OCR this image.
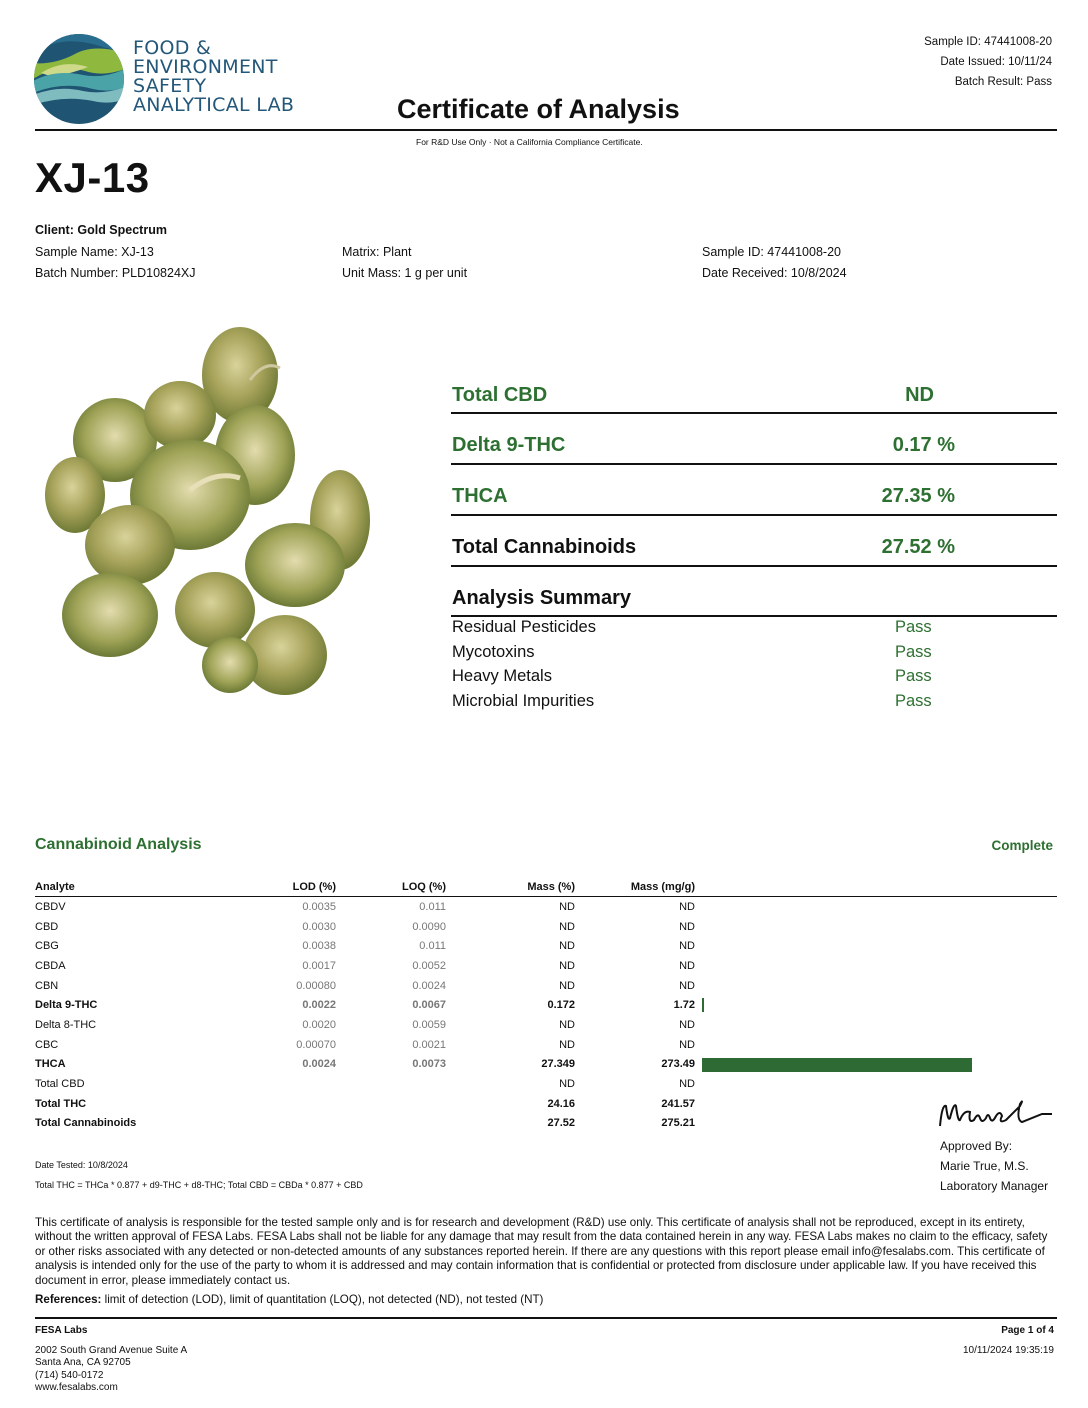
FOOD &
ENVIRONMENT
SAFETY
ANALYTICAL LAB
Sample ID: 47441008-20
Date Issued: 10/11/24
Batch Result: Pass
Certificate of Analysis
For R&D Use Only · Not a California Compliance Certificate.
XJ-13
Client: Gold Spectrum
Sample Name: XJ-13
Batch Number: PLD10824XJ
Matrix: Plant
Unit Mass: 1 g per unit
Sample ID: 47441008-20
Date Received: 10/8/2024
Total CBD	ND
Delta 9-THC	0.17 %
THCA	27.35 %
Total Cannabinoids	27.52 %
Analysis Summary
Residual Pesticides	Pass
Mycotoxins	Pass
Heavy Metals	Pass
Microbial Impurities	Pass
Cannabinoid Analysis	Complete
Analyte	LOD (%)	LOQ (%)	Mass (%)	Mass (mg/g)	
CBDV	0.0035	0.011	ND	ND	
CBD	0.0030	0.0090	ND	ND	
CBG	0.0038	0.011	ND	ND	
CBDA	0.0017	0.0052	ND	ND	
CBN	0.00080	0.0024	ND	ND	
Delta 9-THC	0.0022	0.0067	0.172	1.72	

Delta 8-THC	0.0020	0.0059	ND	ND	
CBC	0.00070	0.0021	ND	ND	
THCA	0.0024	0.0073	27.349	273.49	

Total CBD			ND	ND	
Total THC			24.16	241.57	
Total Cannabinoids			27.52	275.21	
Date Tested: 10/8/2024
Total THC = THCa * 0.877 + d9-THC + d8-THC; Total CBD = CBDa * 0.877 + CBD
Approved By:
Marie True, M.S.
Laboratory Manager
This certificate of analysis is responsible for the tested sample only and is for research and development (R&D) use only. This certificate of analysis shall not be reproduced, except in its entirety, without the written approval of FESA Labs. FESA Labs shall not be liable for any damage that may result from the data contained herein in any way. FESA Labs makes no claim to the efficacy, safety or other risks associated with any detected or non-detected amounts of any substances reported herein. If there are any questions with this report please email info@fesalabs.com. This certificate of analysis is intended only for the use of the party to whom it is addressed and may contain information that is confidential or protected from disclosure under applicable law. If you have received this document in error, please immediately contact us.
References: limit of detection (LOD), limit of quantitation (LOQ), not detected (ND), not tested (NT)
FESA Labs
2002 South Grand Avenue Suite A
Santa Ana, CA 92705
(714) 540-0172
www.fesalabs.com
Page 1 of 4
10/11/2024 19:35:19
